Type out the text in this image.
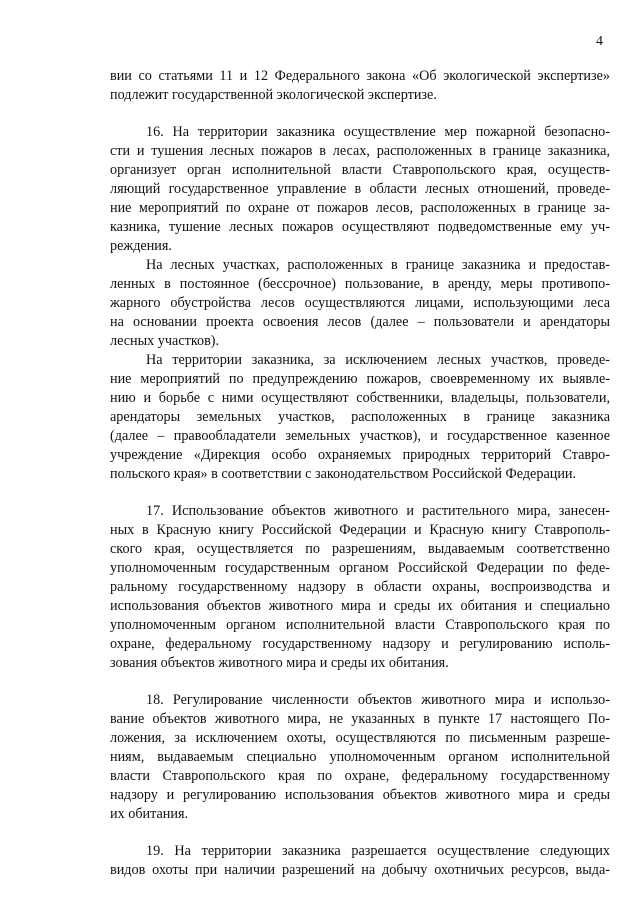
4
вии со статьями 11 и 12 Федерального закона «Об экологической экспертизе»
подлежит государственной экологической экспертизе.
16. На территории заказника осуществление мер пожарной безопасно-
сти и тушения лесных пожаров в лесах, расположенных в границе заказника,
организует орган исполнительной власти Ставропольского края, осуществ-
ляющий государственное управление в области лесных отношений, проведе-
ние мероприятий по охране от пожаров лесов, расположенных в границе за-
казника, тушение лесных пожаров осуществляют подведомственные ему уч-
реждения.
На лесных участках, расположенных в границе заказника и предостав-
ленных в постоянное (бессрочное) пользование, в аренду, меры противопо-
жарного обустройства лесов осуществляются лицами, использующими леса
на основании проекта освоения лесов (далее – пользователи и арендаторы
лесных участков).
На территории заказника, за исключением лесных участков, проведе-
ние мероприятий по предупреждению пожаров, своевременному их выявле-
нию и борьбе с ними осуществляют собственники, владельцы, пользователи,
арендаторы земельных участков, расположенных в границе заказника
(далее – правообладатели земельных участков), и государственное казенное
учреждение «Дирекция особо охраняемых природных территорий Ставро-
польского края» в соответствии с законодательством Российской Федерации.
17. Использование объектов животного и растительного мира, занесен-
ных в Красную книгу Российской Федерации и Красную книгу Ставрополь-
ского края, осуществляется по разрешениям, выдаваемым соответственно
уполномоченным государственным органом Российской Федерации по феде-
ральному государственному надзору в области охраны, воспроизводства и
использования объектов животного мира и среды их обитания и специально
уполномоченным органом исполнительной власти Ставропольского края по
охране, федеральному государственному надзору и регулированию исполь-
зования объектов животного мира и среды их обитания.
18. Регулирование численности объектов животного мира и использо-
вание объектов животного мира, не указанных в пункте 17 настоящего По-
ложения, за исключением охоты, осуществляются по письменным разреше-
ниям, выдаваемым специально уполномоченным органом исполнительной
власти Ставропольского края по охране, федеральному государственному
надзору и регулированию использования объектов животного мира и среды
их обитания.
19. На территории заказника разрешается осуществление следующих
видов охоты при наличии разрешений на добычу охотничьих ресурсов, выда-
